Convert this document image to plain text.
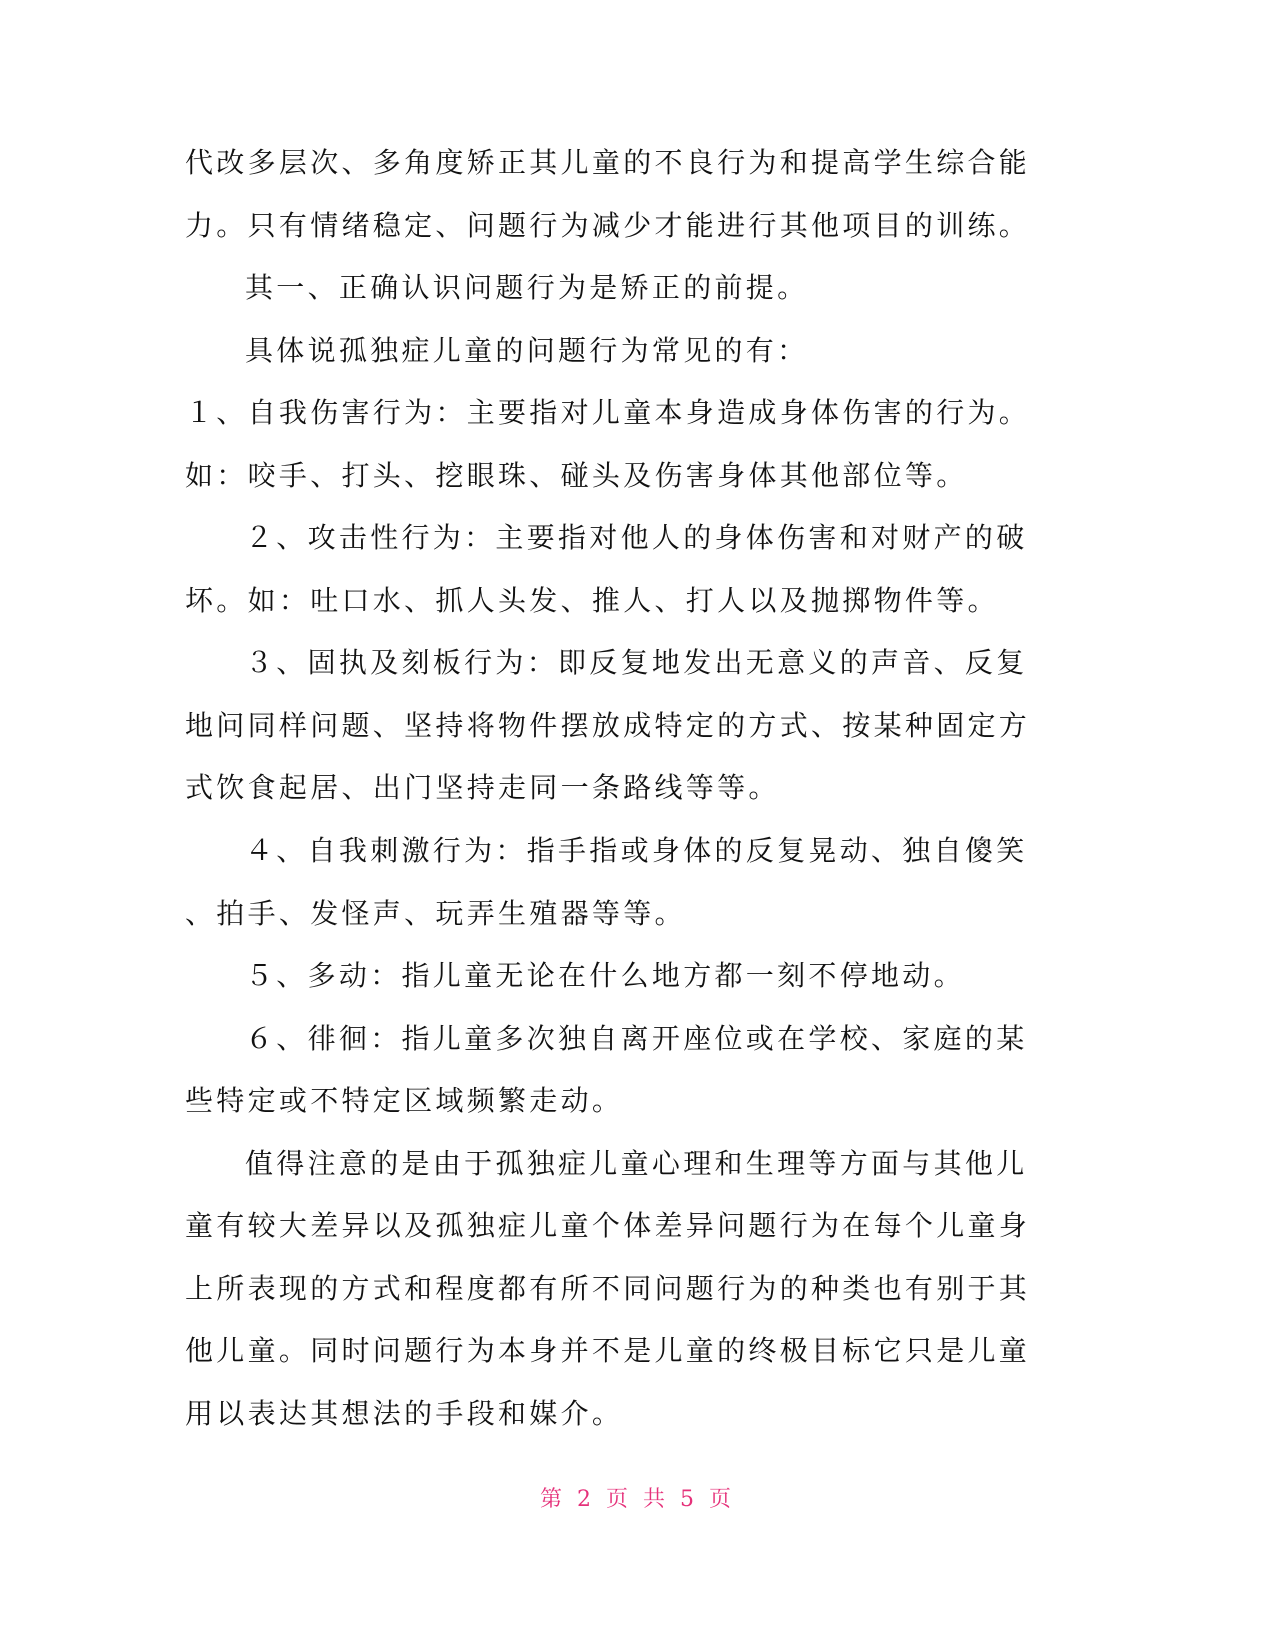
代改多层次、多角度矫正其儿童的不良行为和提高学生综合能
力。只有情绪稳定、问题行为减少才能进行其他项目的训练。
其一、正确认识问题行为是矫正的前提。
具体说孤独症儿童的问题行为常见的有：
１、自我伤害行为：主要指对儿童本身造成身体伤害的行为。
如：咬手、打头、挖眼珠、碰头及伤害身体其他部位等。
２、攻击性行为：主要指对他人的身体伤害和对财产的破
坏。如：吐口水、抓人头发、推人、打人以及抛掷物件等。
３、固执及刻板行为：即反复地发出无意义的声音、反复
地问同样问题、坚持将物件摆放成特定的方式、按某种固定方
式饮食起居、出门坚持走同一条路线等等。
４、自我刺激行为：指手指或身体的反复晃动、独自傻笑
、拍手、发怪声、玩弄生殖器等等。
５、多动：指儿童无论在什么地方都一刻不停地动。
６、徘徊：指儿童多次独自离开座位或在学校、家庭的某
些特定或不特定区域频繁走动。
值得注意的是由于孤独症儿童心理和生理等方面与其他儿
童有较大差异以及孤独症儿童个体差异问题行为在每个儿童身
上所表现的方式和程度都有所不同问题行为的种类也有别于其
他儿童。同时问题行为本身并不是儿童的终极目标它只是儿童
用以表达其想法的手段和媒介。
第 2 页 共 5 页
